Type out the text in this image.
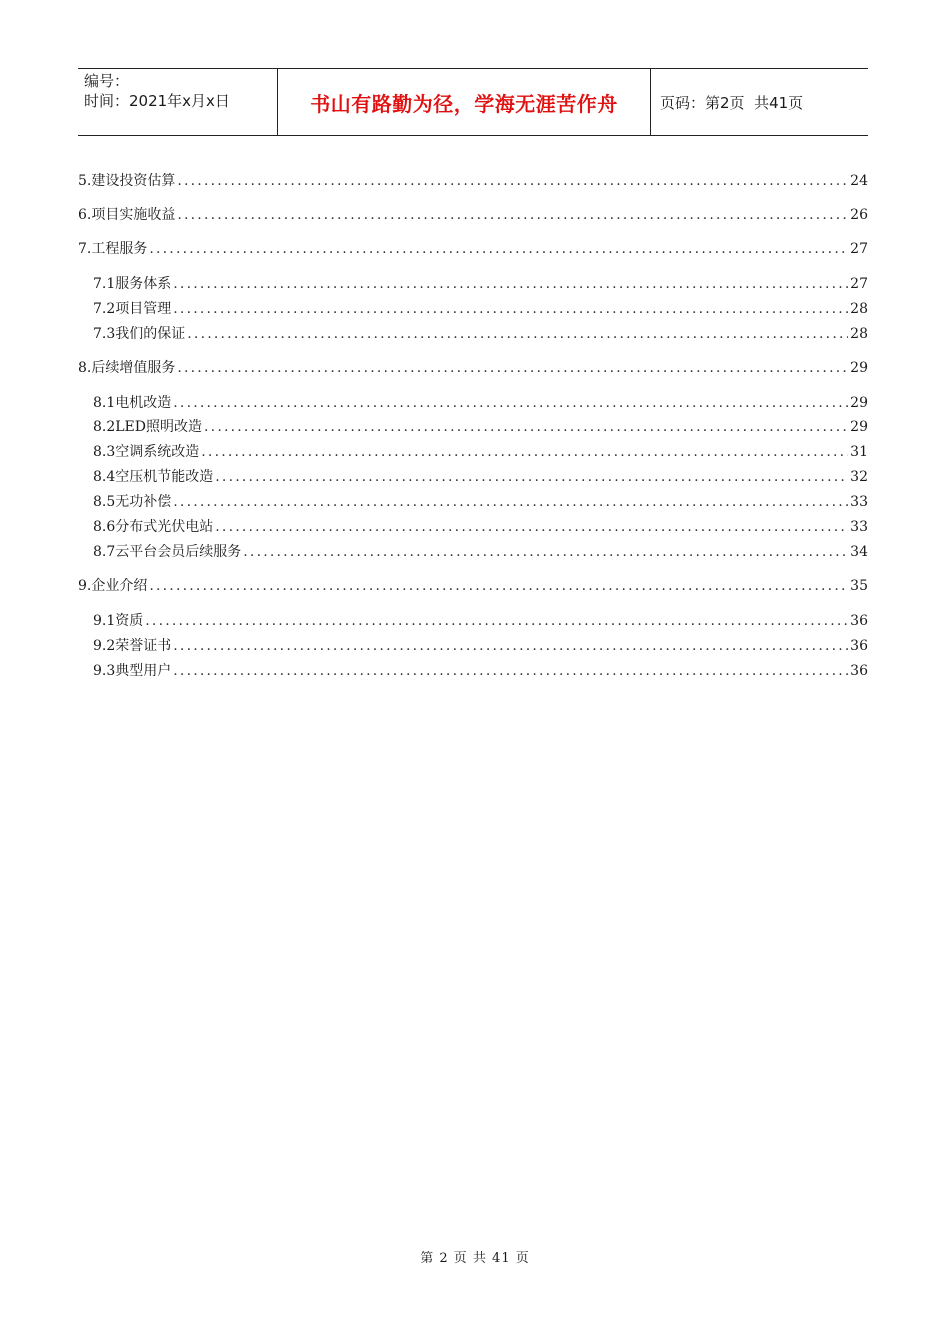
编号：
时间：2021年x月x日	书山有路勤为径，学海无涯苦作舟	页码：第2页  共41页
5.建设投资估算 .....	24
6.项目实施收益 .....	26
7.工程服务 .....	27
7.1服务体系 .....	27
7.2项目管理 .....	28
7.3我们的保证 .....	28
8.后续增值服务 .....	29
8.1电机改造 .....	29
8.2LED照明改造 .....	29
8.3空调系统改造 .....	31
8.4空压机节能改造 .....	32
8.5无功补偿 .....	33
8.6分布式光伏电站 .....	33
8.7云平台会员后续服务 .....	34
9.企业介绍 .....	35
9.1资质 .....	36
9.2荣誉证书 .....	36
9.3典型用户 .....	36
第 2 页 共 41 页
